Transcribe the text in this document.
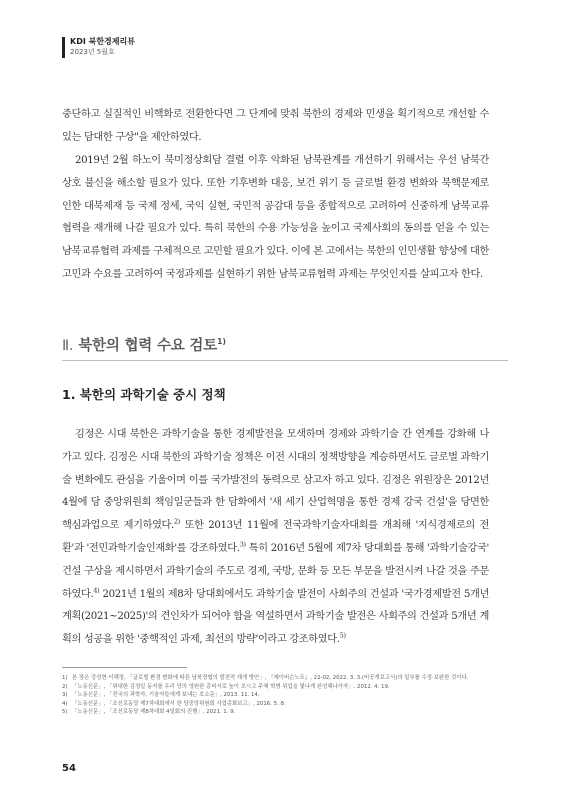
KDI 북한경제리뷰
2023년 5월호

중단하고 실질적인 비핵화로 전환한다면 그 단계에 맞춰 북한의 경제와 민생을 획기적으로 개선할 수 있는 담대한 구상"을 제안하였다.

2019년 2월 하노이 북미정상회담 결렬 이후 악화된 남북관계를 개선하기 위해서는 우선 남북간 상호 불신을 해소할 필요가 있다. 또한 기후변화 대응, 보건 위기 등 글로벌 환경 변화와 북핵문제로 인한 대북제재 등 국제 정세, 국익 실현, 국민적 공감대 등을 종합적으로 고려하여 신중하게 남북교류협력을 재개해 나갈 필요가 있다. 특히 북한의 수용 가능성을 높이고 국제사회의 동의를 얻을 수 있는 남북교류협력 과제를 구체적으로 고민할 필요가 있다. 이에 본 고에서는 북한의 인민생활 향상에 대한 고민과 수요를 고려하여 국정과제를 실현하기 위한 남북교류협력 과제는 무엇인지를 살피고자 한다.

Ⅱ. 북한의 협력 수요 검토$^{1)}$
1. 북한의 과학기술 중시 정책

김정은 시대 북한은 과학기술을 통한 경제발전을 모색하며 경제와 과학기술 간 연계를 강화해 나가고 있다. 김정은 시대 북한의 과학기술 정책은 이전 시대의 정책방향을 계승하면서도 글로벌 과학기술 변화에도 관심을 기울이며 이를 국가발전의 동력으로 삼고자 하고 있다. 김정은 위원장은 2012년 4월에 당 중앙위원회 책임일군들과 한 담화에서 '새 세기 산업혁명을 통한 경제 강국 건설'을 당면한 핵심과업으로 제기하였다.$^{2)}$ 또한 2013년 11월에 전국과학기술자대회를 개최해 '지식경제로의 전환'과 '전민과학기술인재화'를 강조하였다.$^{3)}$ 특히 2016년 5월에 제7차 당대회를 통해 '과학기술강국' 건설 구상을 제시하면서 과학기술의 주도로 경제, 국방, 문화 등 모든 부문을 발전시켜 나갈 것을 주문하였다.$^{4)}$ 2021년 1월의 제8차 당대회에서도 과학기술 발전이 사회주의 건설과 '국가경제발전 5개년 계획(2021~2025)'의 견인차가 되어야 함을 역설하면서 과학기술 발전은 사회주의 건설과 5개년 계획의 성공을 위한 '중핵적인 과제, 최선의 방략'이라고 강조하였다.$^{5)}$

1) 본 장은 강성현·이해정, 「글로벌 환경 변화에 따른 남북경협의 발전적 재개 방안」, 『제이비슨노트』, 22-02, 2022. 3. 3.(비공개보고서)의 일부를 수정·보완한 것이다.
2) 「노동신문」, 「위대한 김정일 동지를 우리 당의 영원한 총비서로 높이 모시고 주체 혁명 위업을 빛나게 완성해나가자」, 2012. 4. 19.
3) 「노동신문」, 「전국의 과학자, 기술자들에게 보내는 호소문」, 2013. 11. 14.
4) 「노동신문」, 「조선로동당 제7차대회에서 한 당중앙위원회 사업총화보고」, 2016. 5. 8.
5) 「노동신문」, 「조선로동당 제8차대회 4일회의 진행」, 2021. 1. 9.
54
